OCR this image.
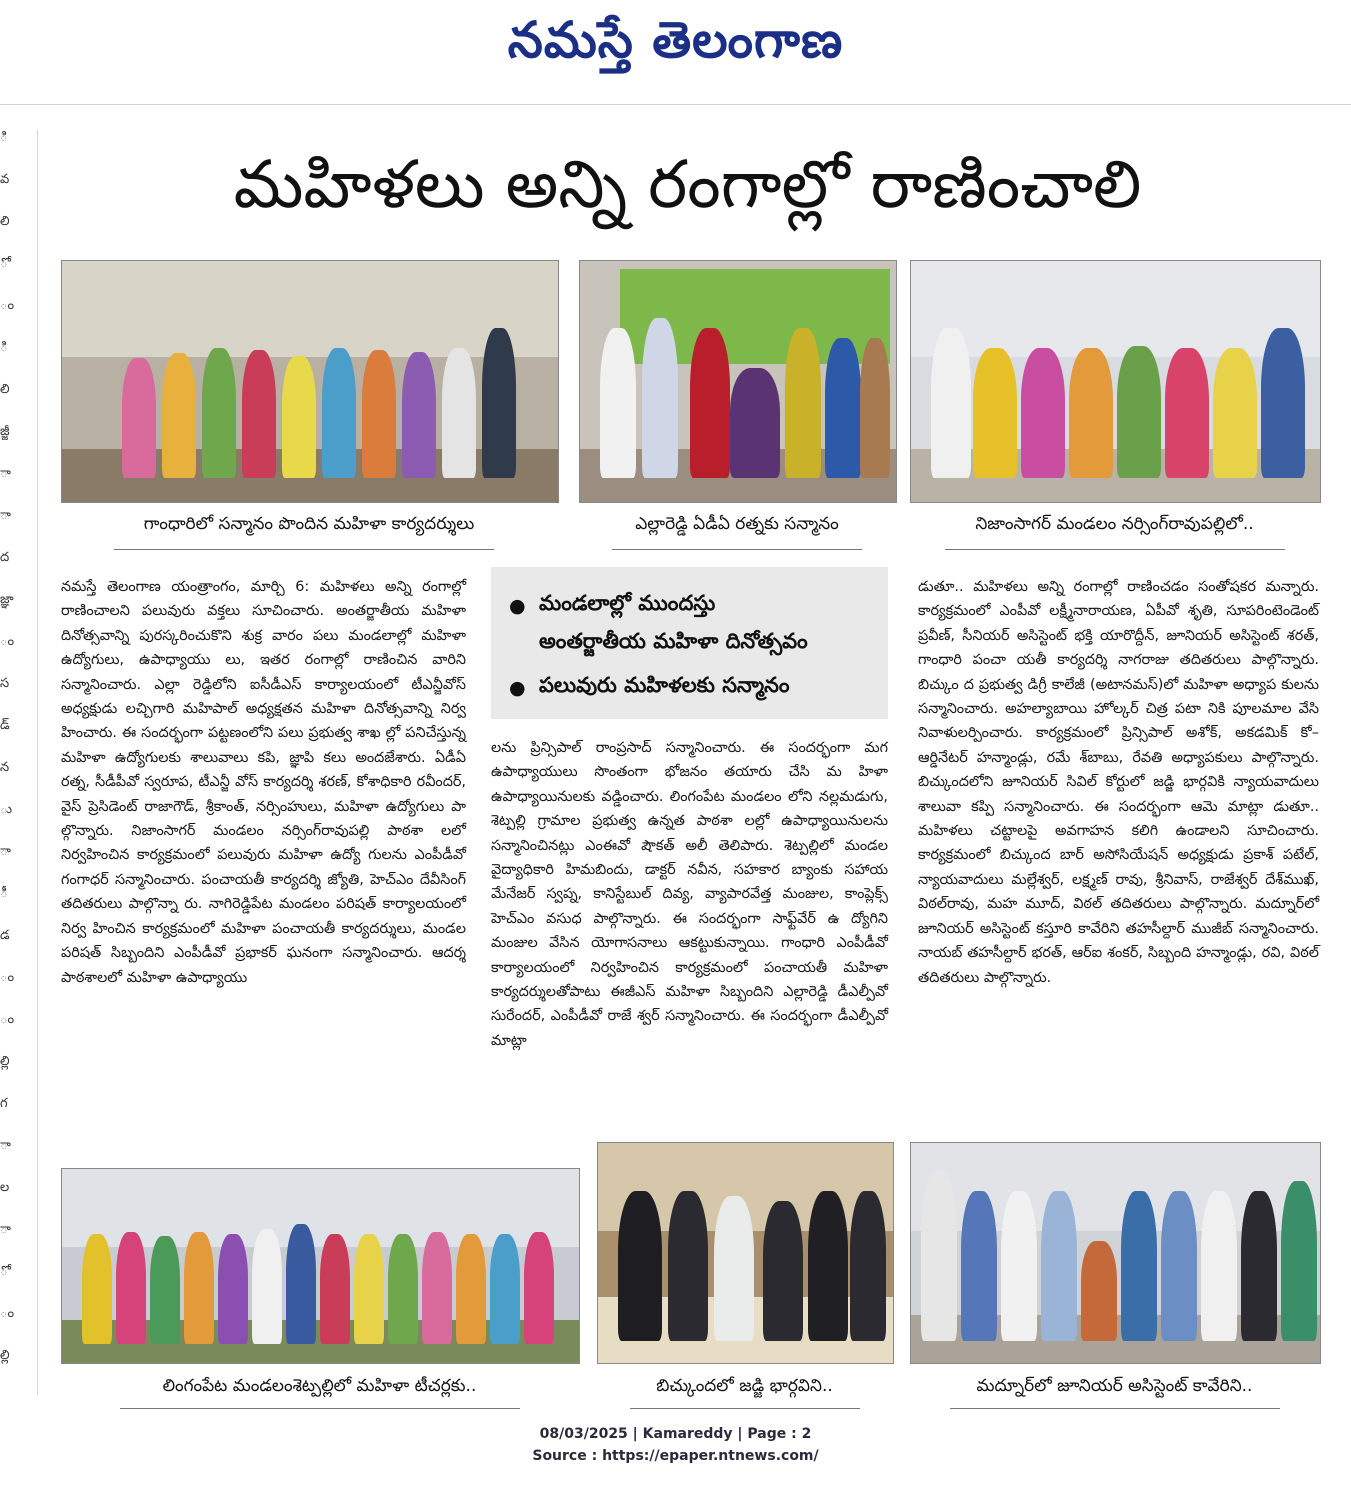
నమస్తే తెలంగాణ
ి
వ
లి
ో
ం
ి
లి
జ్జీ
ా
ా
ద
జ్ఞా
ం
స
డ్
న
ు
ా
ీ
డ
ం
ం
ల్లి
గ
ా
ల
ా
ో
ం
ల్లి
మహిళలు అన్ని రంగాల్లో రాణించాలి
గాంధారిలో సన్మానం పొందిన మహిళా కార్యదర్శులు	ఎల్లారెడ్డి ఏడీఏ రత్నకు సన్మానం	నిజాంసాగర్ మండలం నర్సింగ్‌రావుపల్లిలో..
● మండలాల్లో ముందస్తు
అంతర్జాతీయ మహిళా దినోత్సవం
● పలువురు మహిళలకు సన్మానం

నమస్తే తెలంగాణ యంత్రాంగం, మార్చి 6: మహిళలు అన్ని రంగాల్లో రాణించాలని పలువురు వక్తలు సూచించారు. అంతర్జాతీయ మహిళా దినోత్సవాన్ని పురస్కరించుకొని శుక్ర వారం పలు మండలాల్లో మహిళా ఉద్యోగులు, ఉపాధ్యాయు లు, ఇతర రంగాల్లో రాణించిన వారిని సన్మానించారు. ఎల్లా రెడ్డిలోని ఐసీడీఎస్ కార్యాలయంలో టీఎన్జీవోస్ అధ్యక్షుడు లచ్చిగారి మహిపాల్ అధ్యక్షతన మహిళా దినోత్సవాన్ని నిర్వ హించారు. ఈ సందర్భంగా పట్టణంలోని పలు ప్రభుత్వ శాఖ ల్లో పనిచేస్తున్న మహిళా ఉద్యోగులకు శాలువాలు కపి, జ్ఞాపి కలు అందజేశారు. ఏడీఏ రత్న, సీడీపీవో స్వరూప, టీఎన్జీ వోస్ కార్యదర్శి శరణ్, కోశాధికారి రవీందర్, వైస్ ప్రెసిడెంట్ రాజాగౌడ్, శ్రీకాంత్, నర్సింహులు, మహిళా ఉద్యోగులు పా ల్గొన్నారు. నిజాంసాగర్ మండలం నర్సింగ్‌రావుపల్లి పాఠశా లలో నిర్వహించిన కార్యక్రమంలో పలువురు మహిళా ఉద్యో గులను ఎంపీడీవో గంగాధర్ సన్మానించారు. పంచాయతీ కార్యదర్శి జ్యోతి, హెచ్ఎం దేవీసింగ్ తదితరులు పాల్గొన్నా రు. నాగిరెడ్డిపేట మండలం పరిషత్ కార్యాలయంలో నిర్వ హించిన కార్యక్రమంలో మహిళా పంచాయతీ కార్యదర్శులు, మండల పరిషత్ సిబ్బందిని ఎంపీడీవో ప్రభాకర్ ఘనంగా సన్మానించారు. ఆదర్శ పాఠశాలలో మహిళా ఉపాధ్యాయు

లను ప్రిన్సిపాల్ రాంప్రసాద్ సన్మానించారు. ఈ సందర్భంగా మగ ఉపాధ్యాయులు సొంతంగా భోజనం తయారు చేసి మ హిళా ఉపాధ్యాయినులకు వడ్డించారు. లింగంపేట మండలం లోని నల్లమడుగు, శెట్పల్లి గ్రామాల ప్రభుత్వ ఉన్నత పాఠశా లల్లో ఉపాధ్యాయినులను సన్మానించినట్లు ఎంఈవో షౌకత్ అలీ తెలిపారు. శెట్పల్లిలో మండల వైద్యాధికారి హిమబిందు, డాక్టర్ నవీన, సహకార బ్యాంకు సహాయ మేనేజర్ స్వప్న, కానిస్టేబుల్ దివ్య, వ్యాపారవేత్త మంజుల, కాంప్లెక్స్ హెచ్ఎం వసుధ పాల్గొన్నారు. ఈ సందర్భంగా సాఫ్ట్‌వేర్ ఉ ద్యోగిని మంజుల వేసిన యోగాసనాలు ఆకట్టుకున్నాయి. గాంధారి ఎంపీడీవో కార్యాలయంలో నిర్వహించిన కార్యక్రమంలో పంచాయతీ మహిళా కార్యదర్శులతోపాటు ఈజీఎస్ మహిళా సిబ్బందిని ఎల్లారెడ్డి డీఎల్పీవో సురేందర్, ఎంపీడీవో రాజే శ్వర్ సన్మానించారు. ఈ సందర్భంగా డీఎల్పీవో మాట్లా

డుతూ.. మహిళలు అన్ని రంగాల్లో రాణించడం సంతోషకర మన్నారు. కార్యక్రమంలో ఎంపీవో లక్ష్మీనారాయణ, ఏపీవో శృతి, సూపరింటెండెంట్ ప్రవీణ్, సీనియర్ అసిస్టెంట్ భక్తి యారొద్దీన్, జూనియర్ అసిస్టెంట్ శరత్, గాంధారి పంచా యతీ కార్యదర్శి నాగరాజు తదితరులు పాల్గొన్నారు. బిచ్కుం ద ప్రభుత్వ డిగ్రీ కాలేజీ (అటానమస్)లో మహిళా అధ్యాప కులను సన్మానించారు. అహల్యాబాయి హోల్కర్ చిత్ర పటా నికి పూలమాల వేసి నివాళులర్పించారు. కార్యక్రమంలో ప్రిన్సిపాల్ అశోక్, అకడమిక్ కో–ఆర్డినేటర్ హన్మాండ్లు, రమే శ్‌బాబు, రేవతి అధ్యాపకులు పాల్గొన్నారు. బిచ్కుందలోని జూనియర్ సివిల్ కోర్టులో జడ్జి భార్గవికి న్యాయవాదులు శాలువా కప్పి సన్మానించారు. ఈ సందర్భంగా ఆమె మాట్లా డుతూ.. మహిళలు చట్టాలపై అవగాహన కలిగి ఉండాలని సూచించారు. కార్యక్రమంలో బిచ్కుంద బార్ అసోసియేషన్ అధ్యక్షుడు ప్రకాశ్ పటేల్, న్యాయవాదులు మల్లేశ్వర్, లక్ష్మణ్ రావు, శ్రీనివాస్, రాజేశ్వర్ దేశ్‌ముఖ్, విఠల్‌రావు, మహ మూద్, విఠల్ తదితరులు పాల్గొన్నారు. మద్నూర్‌లో జూనియర్ అసిస్టెంట్ కస్తూరి కావేరిని తహసీల్దార్ ముజీబ్ సన్మానించారు. నాయబ్ తహసీల్దార్ భరత్, ఆర్ఐ శంకర్, సిబ్బంది హన్మాండ్లు, రవి, విఠల్ తదితరులు పాల్గొన్నారు.

లింగంపేట మండలంశెట్పల్లిలో మహిళా టీచర్లకు..	బిచ్కుందలో జడ్జి భార్గవిని..	మద్నూర్‌లో జూనియర్ అసిస్టెంట్ కావేరిని..
08/03/2025 | Kamareddy | Page : 2
Source : https://epaper.ntnews.com/
